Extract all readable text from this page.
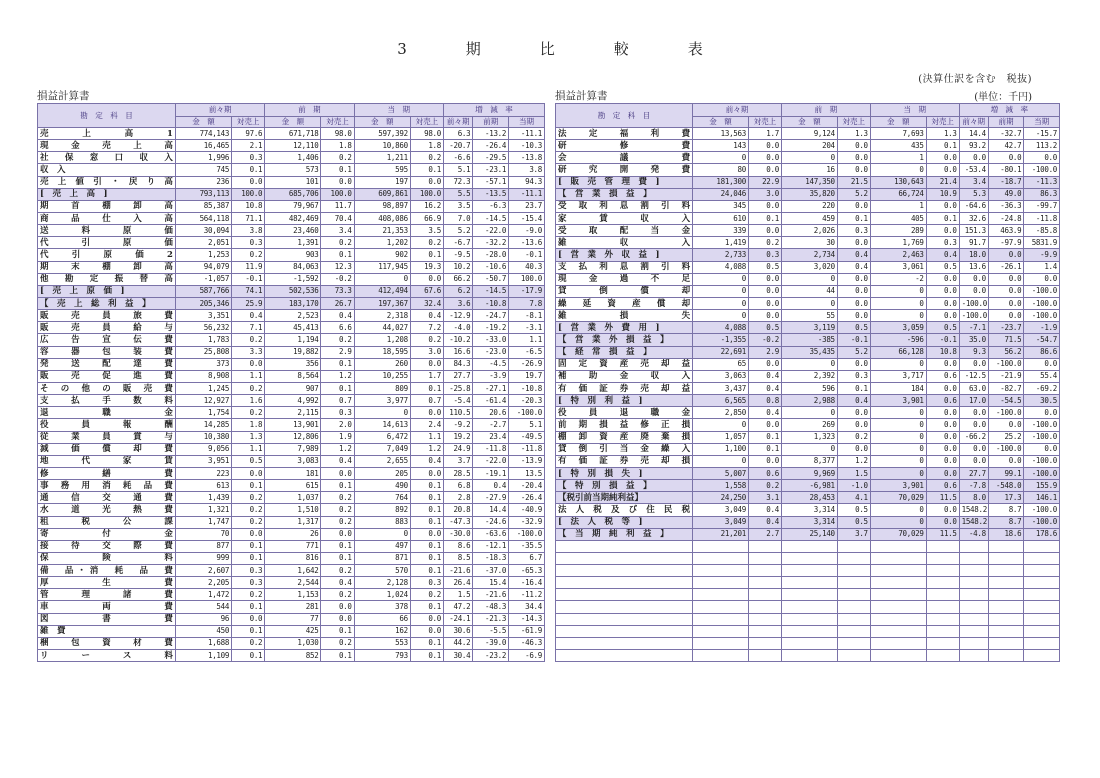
3　期　比　較　表
(決算仕訳を含む　税抜)
損益計算書	損益計算書	(単位：千円)
勘　定　科　目	前々期		前　期		当　期		増　減　率		
	金　額	対売上	金　額	対売上	金　額	対売上	前々期	前期	当期
売　上　高　1	774,143	97.6	671,718	98.0	597,392	98.0	6.3	-13.2	-11.1
現　金　売　上　高	16,465	2.1	12,110	1.8	10,860	1.8	-20.7	-26.4	-10.3
社　保　窓　口　収　入	1,996	0.3	1,406	0.2	1,211	0.2	-6.6	-29.5	-13.8
収　入	745	0.1	573	0.1	595	0.1	5.1	-23.1	3.8
売上値引・戻り高	236	0.0	101	0.0	197	0.0	72.3	-57.1	94.3
[　売　上　高　]	793,113	100.0	685,706	100.0	609,861	100.0	5.5	-13.5	-11.1
期　首　棚　卸　高	85,387	10.8	79,967	11.7	98,897	16.2	3.5	-6.3	23.7
商　品　仕　入　高	564,118	71.1	482,469	70.4	408,086	66.9	7.0	-14.5	-15.4
送　料　原　価	30,094	3.8	23,460	3.4	21,353	3.5	5.2	-22.0	-9.0
代　引　原　価	2,051	0.3	1,391	0.2	1,202	0.2	-6.7	-32.2	-13.6
代　引　原　価　2	1,253	0.2	903	0.1	902	0.1	-9.5	-28.0	-0.1
期　末　棚　卸　高	94,079	11.9	84,063	12.3	117,945	19.3	10.2	-10.6	40.3
他　勘　定　振　替　高	-1,057	-0.1	-1,592	-0.2	0	0.0	66.2	-50.7	100.0
[　売　上　原　価　]	587,766	74.1	502,536	73.3	412,494	67.6	6.2	-14.5	-17.9
【　売　上　総　利　益　】	205,346	25.9	183,170	26.7	197,367	32.4	3.6	-10.8	7.8
販　売　員　旅　費	3,351	0.4	2,523	0.4	2,318	0.4	-12.9	-24.7	-8.1
販　売　員　給　与	56,232	7.1	45,413	6.6	44,027	7.2	-4.0	-19.2	-3.1
広　告　宣　伝　費	1,783	0.2	1,194	0.2	1,208	0.2	-10.2	-33.0	1.1
容　器　包　装　費	25,808	3.3	19,882	2.9	18,595	3.0	16.6	-23.0	-6.5
発　送　配　達　費	373	0.0	356	0.1	260	0.0	84.3	-4.5	-26.9
販　売　促　進　費	8,908	1.1	8,564	1.2	10,255	1.7	27.7	-3.9	19.7
そ　の　他　の　販　売　費	1,245	0.2	907	0.1	809	0.1	-25.8	-27.1	-10.8
支　払　手　数　料	12,927	1.6	4,992	0.7	3,977	0.7	-5.4	-61.4	-20.3
退　職　金	1,754	0.2	2,115	0.3	0	0.0	110.5	20.6	-100.0
役　員　報　酬	14,285	1.8	13,901	2.0	14,613	2.4	-9.2	-2.7	5.1
従　業　員　賞　与	10,380	1.3	12,806	1.9	6,472	1.1	19.2	23.4	-49.5
減　価　償　却　費	9,056	1.1	7,989	1.2	7,049	1.2	24.9	-11.8	-11.8
地　代　家　賃	3,951	0.5	3,083	0.4	2,655	0.4	3.7	-22.0	-13.9
修　繕　費	223	0.0	181	0.0	205	0.0	28.5	-19.1	13.5
事　務　用　消　耗　品　費	613	0.1	615	0.1	490	0.1	6.8	0.4	-20.4
通　信　交　通　費	1,439	0.2	1,037	0.2	764	0.1	2.8	-27.9	-26.4
水　道　光　熱　費	1,321	0.2	1,510	0.2	892	0.1	20.8	14.4	-40.9
租　税　公　課	1,747	0.2	1,317	0.2	883	0.1	-47.3	-24.6	-32.9
寄　付　金	70	0.0	26	0.0	0	0.0	-30.0	-63.6	-100.0
接　待　交　際　費	877	0.1	771	0.1	497	0.1	8.6	-12.1	-35.5
保　険　料	999	0.1	816	0.1	871	0.1	8.5	-18.3	6.7
備　品・消　耗　品　費	2,607	0.3	1,642	0.2	570	0.1	-21.6	-37.0	-65.3
厚　生　費	2,205	0.3	2,544	0.4	2,128	0.3	26.4	15.4	-16.4
管　理　諸　費	1,472	0.2	1,153	0.2	1,024	0.2	1.5	-21.6	-11.2
車　両　費	544	0.1	281	0.0	378	0.1	47.2	-48.3	34.4
図　書　費	96	0.0	77	0.0	66	0.0	-24.1	-21.3	-14.3
雑　費	450	0.1	425	0.1	162	0.0	30.6	-5.5	-61.9
梱　包　資　材　費	1,688	0.2	1,030	0.2	553	0.1	44.2	-39.0	-46.3
リ　ー　ス　料	1,109	0.1	852	0.1	793	0.1	30.4	-23.2	-6.9
勘　定　科　目	前々期		前　期		当　期		増　減　率		
	金　額	対売上	金　額	対売上	金　額	対売上	前々期	前期	当期
法　定　福　利　費	13,563	1.7	9,124	1.3	7,693	1.3	14.4	-32.7	-15.7
研　修　費	143	0.0	204	0.0	435	0.1	93.2	42.7	113.2
会　議　費	0	0.0	0	0.0	1	0.0	0.0	0.0	0.0
研　究　開　発　費	80	0.0	16	0.0	0	0.0	-53.4	-80.1	-100.0
[　販　売　管　理　費　]	181,300	22.9	147,350	21.5	130,643	21.4	3.4	-18.7	-11.3
【　営　業　損　益　】	24,046	3.0	35,820	5.2	66,724	10.9	5.3	49.0	86.3
受　取　利　息　割　引　料	345	0.0	220	0.0	1	0.0	-64.6	-36.3	-99.7
家　賃　収　入	610	0.1	459	0.1	405	0.1	32.6	-24.8	-11.8
受　取　配　当　金	339	0.0	2,026	0.3	289	0.0	151.3	463.9	-85.8
雑　収　入	1,419	0.2	30	0.0	1,769	0.3	91.7	-97.9	5831.9
[　営　業　外　収　益　]	2,733	0.3	2,734	0.4	2,463	0.4	18.0	0.0	-9.9
支　払　利　息　割　引　料	4,088	0.5	3,020	0.4	3,061	0.5	13.6	-26.1	1.4
現　金　過　不　足	0	0.0	0	0.0	-2	0.0	0.0	0.0	0.0
貸　倒　償　却	0	0.0	44	0.0	0	0.0	0.0	0.0	-100.0
繰　延　資　産　償　却	0	0.0	0	0.0	0	0.0	-100.0	0.0	-100.0
雑　損　失	0	0.0	55	0.0	0	0.0	-100.0	0.0	-100.0
[　営　業　外　費　用　]	4,088	0.5	3,119	0.5	3,059	0.5	-7.1	-23.7	-1.9
【　営　業　外　損　益　】	-1,355	-0.2	-385	-0.1	-596	-0.1	35.0	71.5	-54.7
【　経　常　損　益　】	22,691	2.9	35,435	5.2	66,128	10.8	9.3	56.2	86.6
固　定　資　産　売　却　益	65	0.0	0	0.0	0	0.0	0.0	-100.0	0.0
補　助　金　収　入	3,063	0.4	2,392	0.3	3,717	0.6	-12.5	-21.9	55.4
有　価　証　券　売　却　益	3,437	0.4	596	0.1	184	0.0	63.0	-82.7	-69.2
[　特　別　利　益　]	6,565	0.8	2,988	0.4	3,901	0.6	17.0	-54.5	30.5
役　員　退　職　金	2,850	0.4	0	0.0	0	0.0	0.0	-100.0	0.0
前　期　損　益　修　正　損	0	0.0	269	0.0	0	0.0	0.0	0.0	-100.0
棚　卸　資　産　廃　棄　損	1,057	0.1	1,323	0.2	0	0.0	-66.2	25.2	-100.0
貸　倒　引　当　金　繰　入	1,100	0.1	0	0.0	0	0.0	0.0	-100.0	0.0
有　価　証　券　売　却　損	0	0.0	8,377	1.2	0	0.0	0.0	0.0	-100.0
[　特　別　損　失　]	5,007	0.6	9,969	1.5	0	0.0	27.7	99.1	-100.0
【　特　別　損　益　】	1,558	0.2	-6,981	-1.0	3,901	0.6	-7.8	-548.0	155.9
【税引前当期純利益】	24,250	3.1	28,453	4.1	70,029	11.5	8.0	17.3	146.1
法人税及び住民税	3,049	0.4	3,314	0.5	0	0.0	1548.2	8.7	-100.0
[　法　人　税　等　]	3,049	0.4	3,314	0.5	0	0.0	1548.2	8.7	-100.0
【　当　期　純　利　益　】	21,201	2.7	25,140	3.7	70,029	11.5	-4.8	18.6	178.6
